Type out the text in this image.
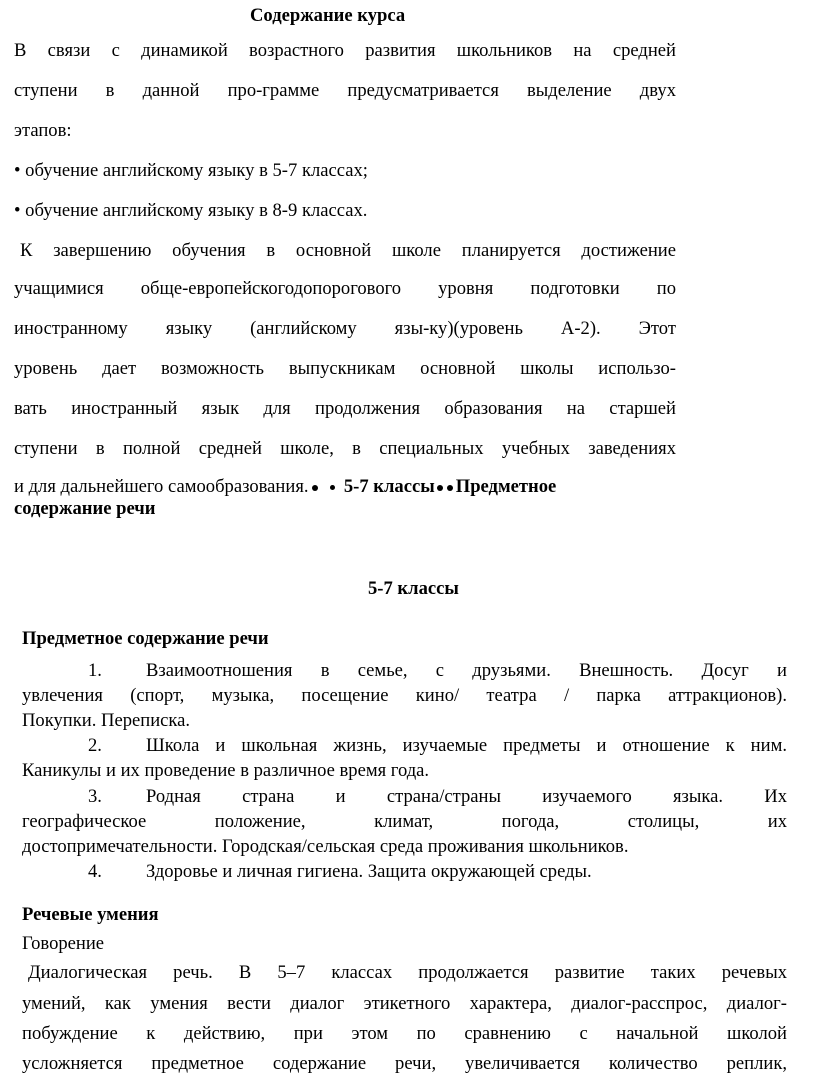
Содержание курса
В связи с динамикой возрастного развития школьников на средней
ступени в данной про-грамме предусматривается выделение двух
этапов:
• обучение английскому языку в 5-7 классах;
• обучение английскому языку в 8-9 классах.
К завершению обучения в основной школе планируется достижение
учащимися обще-европейскогодопорогового уровня подготовки по
иностранному языку (английскому язы-ку)(уровень А-2). Этот
уровень дает возможность выпускникам основной школы использо-
вать иностранный язык для продолжения образования на старшей
ступени в полной средней школе, в специальных учебных заведениях
и для дальнейшего самообразования. 5-7 классы Предметное
содержание речи
5-7 классы
Предметное содержание речи
1. Взаимоотношения в семье, с друзьями. Внешность. Досуг и
увлечения (спорт, музыка, посещение кино/ театра / парка аттракционов).
Покупки. Переписка.
2. Школа и школьная жизнь, изучаемые предметы и отношение к ним.
Каникулы и их проведение в различное время года.
3. Родная страна и страна/страны изучаемого языка. Их
географическое положение, климат, погода, столицы, их
достопримечательности. Городская/сельская среда проживания школьников.
4. Здоровье и личная гигиена. Защита окружающей среды.
Речевые умения
Говорение
Диалогическая речь. В 5–7 классах продолжается развитие таких речевых
умений, как умения вести диалог этикетного характера, диалог-расспрос, диалог-
побуждение к действию, при этом по сравнению с начальной школой
усложняется предметное содержание речи, увеличивается количество реплик,
